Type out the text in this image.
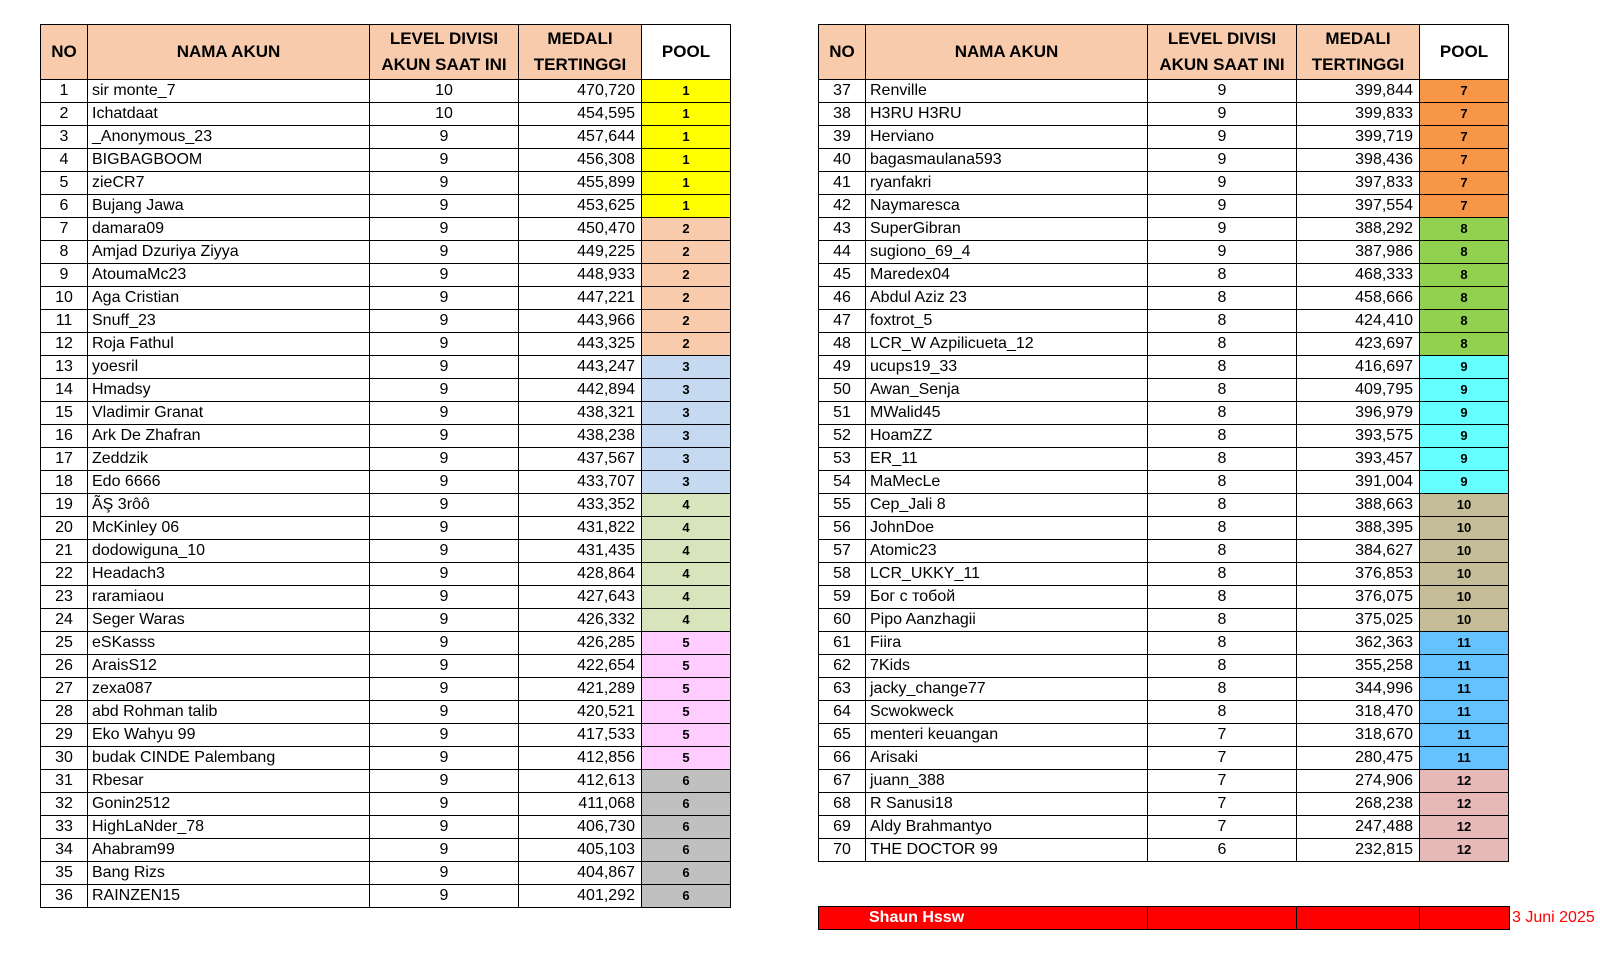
NO	NAMA AKUN	LEVEL DIVISI AKUN SAAT INI	MEDALI TERTINGGI	POOL
1	sir monte_7	10	470,720	1
2	Ichatdaat	10	454,595	1
3	_Anonymous_23	9	457,644	1
4	BIGBAGBOOM	9	456,308	1
5	zieCR7	9	455,899	1
6	Bujang Jawa	9	453,625	1
7	damara09	9	450,470	2
8	Amjad Dzuriya Ziyya	9	449,225	2
9	AtoumaMc23	9	448,933	2
10	Aga Cristian	9	447,221	2
11	Snuff_23	9	443,966	2
12	Roja Fathul	9	443,325	2
13	yoesril	9	443,247	3
14	Hmadsy	9	442,894	3
15	Vladimir Granat	9	438,321	3
16	Ark De Zhafran	9	438,238	3
17	Zeddzik	9	437,567	3
18	Edo 6666	9	433,707	3
19	ÃŞ 3rôô	9	433,352	4
20	McKinley 06	9	431,822	4
21	dodowiguna_10	9	431,435	4
22	Headach3	9	428,864	4
23	raramiaou	9	427,643	4
24	Seger Waras	9	426,332	4
25	eSKasss	9	426,285	5
26	AraisS12	9	422,654	5
27	zexa087	9	421,289	5
28	abd Rohman talib	9	420,521	5
29	Eko Wahyu 99	9	417,533	5
30	budak CINDE Palembang	9	412,856	5
31	Rbesar	9	412,613	6
32	Gonin2512	9	411,068	6
33	HighLaNder_78	9	406,730	6
34	Ahabram99	9	405,103	6
35	Bang Rizs	9	404,867	6
36	RAINZEN15	9	401,292	6
NO	NAMA AKUN	LEVEL DIVISI AKUN SAAT INI	MEDALI TERTINGGI	POOL
37	Renville	9	399,844	7
38	H3RU H3RU	9	399,833	7
39	Herviano	9	399,719	7
40	bagasmaulana593	9	398,436	7
41	ryanfakri	9	397,833	7
42	Naymaresca	9	397,554	7
43	SuperGibran	9	388,292	8
44	sugiono_69_4	9	387,986	8
45	Maredex04	8	468,333	8
46	Abdul Aziz 23	8	458,666	8
47	foxtrot_5	8	424,410	8
48	LCR_W Azpilicueta_12	8	423,697	8
49	ucups19_33	8	416,697	9
50	Awan_Senja	8	409,795	9
51	MWalid45	8	396,979	9
52	HoamZZ	8	393,575	9
53	ER_11	8	393,457	9
54	MaMecLe	8	391,004	9
55	Cep_Jali 8	8	388,663	10
56	JohnDoe	8	388,395	10
57	Atomic23	8	384,627	10
58	LCR_UKKY_11	8	376,853	10
59	Бог с тобой	8	376,075	10
60	Pipo Aanzhagii	8	375,025	10
61	Fiira	8	362,363	11
62	7Kids	8	355,258	11
63	jacky_change77	8	344,996	11
64	Scwokweck	8	318,470	11
65	menteri keuangan	7	318,670	11
66	Arisaki	7	280,475	11
67	juann_388	7	274,906	12
68	R Sanusi18	7	268,238	12
69	Aldy Brahmantyo	7	247,488	12
70	THE DOCTOR 99	6	232,815	12
Shaun Hssw				3 Juni 2025
